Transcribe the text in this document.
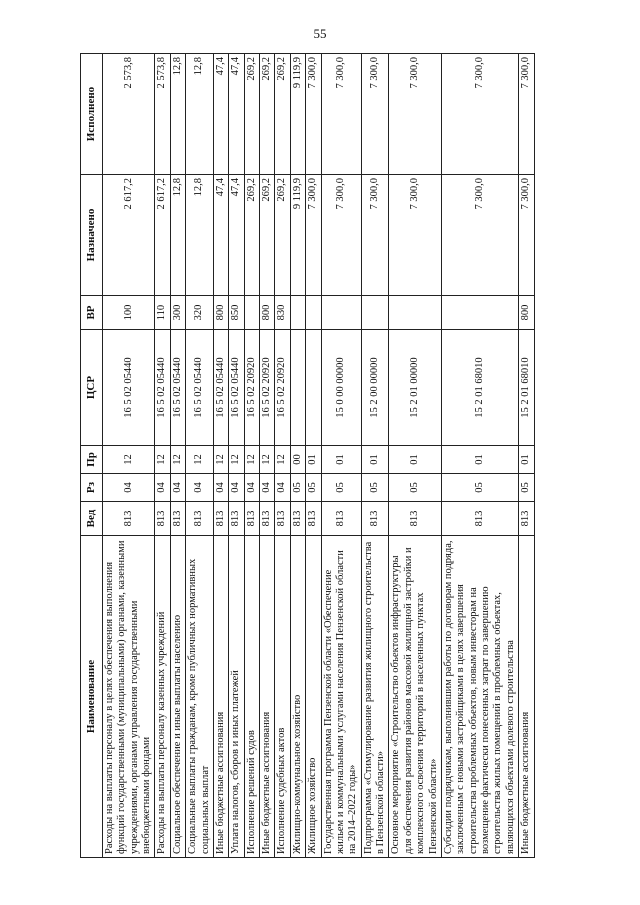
55
Наименование	Вед	Рз	Пр	ЦСР	ВР	Назначено	Исполнено
Расходы на выплаты персоналу в целях обеспечения выполнения функций государственными (муниципальными) органами, казенными учреждениями, органами управления государственными внебюджетными фондами	813	04	12	16 5 02 05440	100	2 617,2	2 573,8
Расходы на выплаты персоналу казенных учреждений	813	04	12	16 5 02 05440	110	2 617,2	2 573,8
Социальное обеспечение и иные выплаты населению	813	04	12	16 5 02 05440	300	12,8	12,8
Социальные выплаты гражданам, кроме публичных нормативных социальных выплат	813	04	12	16 5 02 05440	320	12,8	12,8
Иные бюджетные ассигнования	813	04	12	16 5 02 05440	800	47,4	47,4
Уплата налогов, сборов и иных платежей	813	04	12	16 5 02 05440	850	47,4	47,4
Исполнение решений судов	813	04	12	16 5 02 20920		269,2	269,2
Иные бюджетные ассигнования	813	04	12	16 5 02 20920	800	269,2	269,2
Исполнение судебных актов	813	04	12	16 5 02 20920	830	269,2	269,2
Жилищно-коммунальное хозяйство	813	05	00			9 119,9	9 119,9
Жилищное хозяйство	813	05	01			7 300,0	7 300,0
Государственная программа Пензенской области «Обеспечение жильем и коммунальными услугами населения Пензенской области на 2014–2022 годы»	813	05	01	15 0 00 00000		7 300,0	7 300,0
Подпрограмма «Стимулирование развития жилищного строительства в Пензенской области»	813	05	01	15 2 00 00000		7 300,0	7 300,0
Основное мероприятие «Строительство объектов инфраструктуры для обеспечения развития районов массовой жилищной застройки и комплексного освоения территорий в населенных пунктах Пензенской области»	813	05	01	15 2 01 00000		7 300,0	7 300,0
Субсидии подрядчикам, выполнившим работы по договорам подряда, заключенным с новыми застройщиками в целях завершения строительства проблемных объектов, новым инвесторам на возмещение фактически понесенных затрат по завершению строительства жилых помещений в проблемных объектах, являющихся объектами долевого строительства	813	05	01	15 2 01 68010		7 300,0	7 300,0
Иные бюджетные ассигнования	813	05	01	15 2 01 68010	800	7 300,0	7 300,0
